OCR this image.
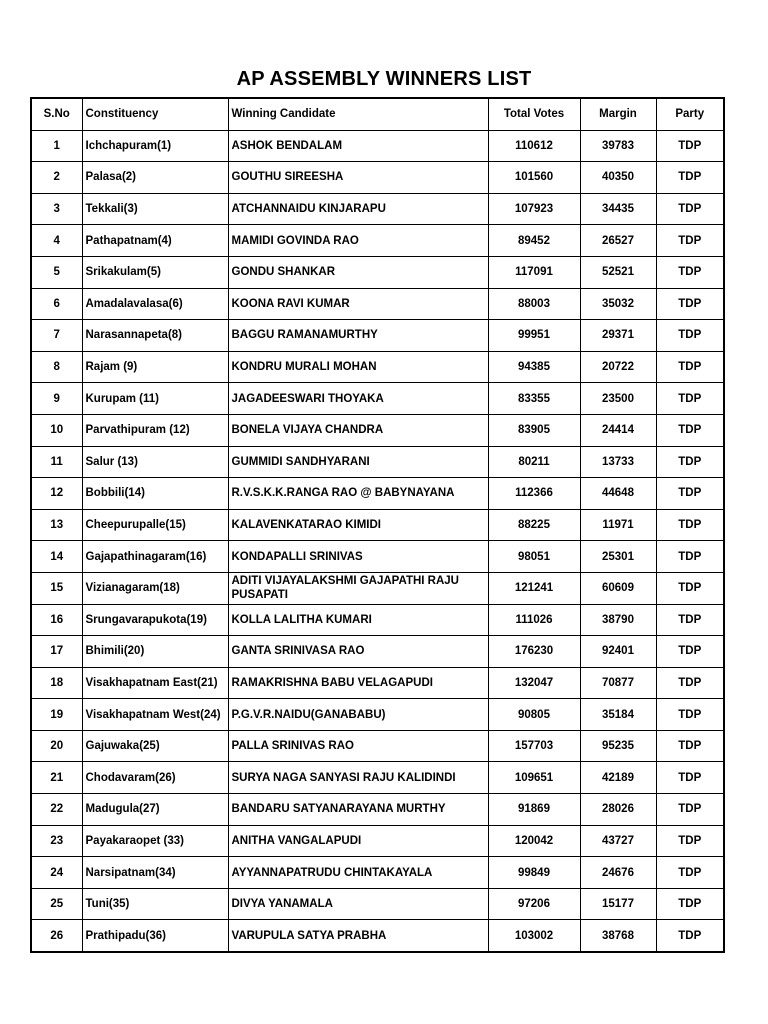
AP ASSEMBLY WINNERS LIST
S.No	Constituency	Winning Candidate	Total Votes	Margin	Party
1	Ichchapuram(1)	ASHOK BENDALAM	110612	39783	TDP
2	Palasa(2)	GOUTHU SIREESHA	101560	40350	TDP
3	Tekkali(3)	ATCHANNAIDU KINJARAPU	107923	34435	TDP
4	Pathapatnam(4)	MAMIDI GOVINDA RAO	89452	26527	TDP
5	Srikakulam(5)	GONDU SHANKAR	117091	52521	TDP
6	Amadalavalasa(6)	KOONA RAVI KUMAR	88003	35032	TDP
7	Narasannapeta(8)	BAGGU RAMANAMURTHY	99951	29371	TDP
8	Rajam (9)	KONDRU MURALI MOHAN	94385	20722	TDP
9	Kurupam (11)	JAGADEESWARI THOYAKA	83355	23500	TDP
10	Parvathipuram (12)	BONELA VIJAYA CHANDRA	83905	24414	TDP
11	Salur (13)	GUMMIDI SANDHYARANI	80211	13733	TDP
12	Bobbili(14)	R.V.S.K.K.RANGA RAO @ BABYNAYANA	112366	44648	TDP
13	Cheepurupalle(15)	KALAVENKATARAO KIMIDI	88225	11971	TDP
14	Gajapathinagaram(16)	KONDAPALLI SRINIVAS	98051	25301	TDP
15	Vizianagaram(18)	ADITI VIJAYALAKSHMI GAJAPATHI RAJU PUSAPATI	121241	60609	TDP
16	Srungavarapukota(19)	KOLLA LALITHA KUMARI	111026	38790	TDP
17	Bhimili(20)	GANTA SRINIVASA RAO	176230	92401	TDP
18	Visakhapatnam East(21)	RAMAKRISHNA BABU VELAGAPUDI	132047	70877	TDP
19	Visakhapatnam West(24)	P.G.V.R.NAIDU(GANABABU)	90805	35184	TDP
20	Gajuwaka(25)	PALLA SRINIVAS RAO	157703	95235	TDP
21	Chodavaram(26)	SURYA NAGA SANYASI RAJU KALIDINDI	109651	42189	TDP
22	Madugula(27)	BANDARU SATYANARAYANA MURTHY	91869	28026	TDP
23	Payakaraopet (33)	ANITHA VANGALAPUDI	120042	43727	TDP
24	Narsipatnam(34)	AYYANNAPATRUDU CHINTAKAYALA	99849	24676	TDP
25	Tuni(35)	DIVYA YANAMALA	97206	15177	TDP
26	Prathipadu(36)	VARUPULA SATYA PRABHA	103002	38768	TDP
